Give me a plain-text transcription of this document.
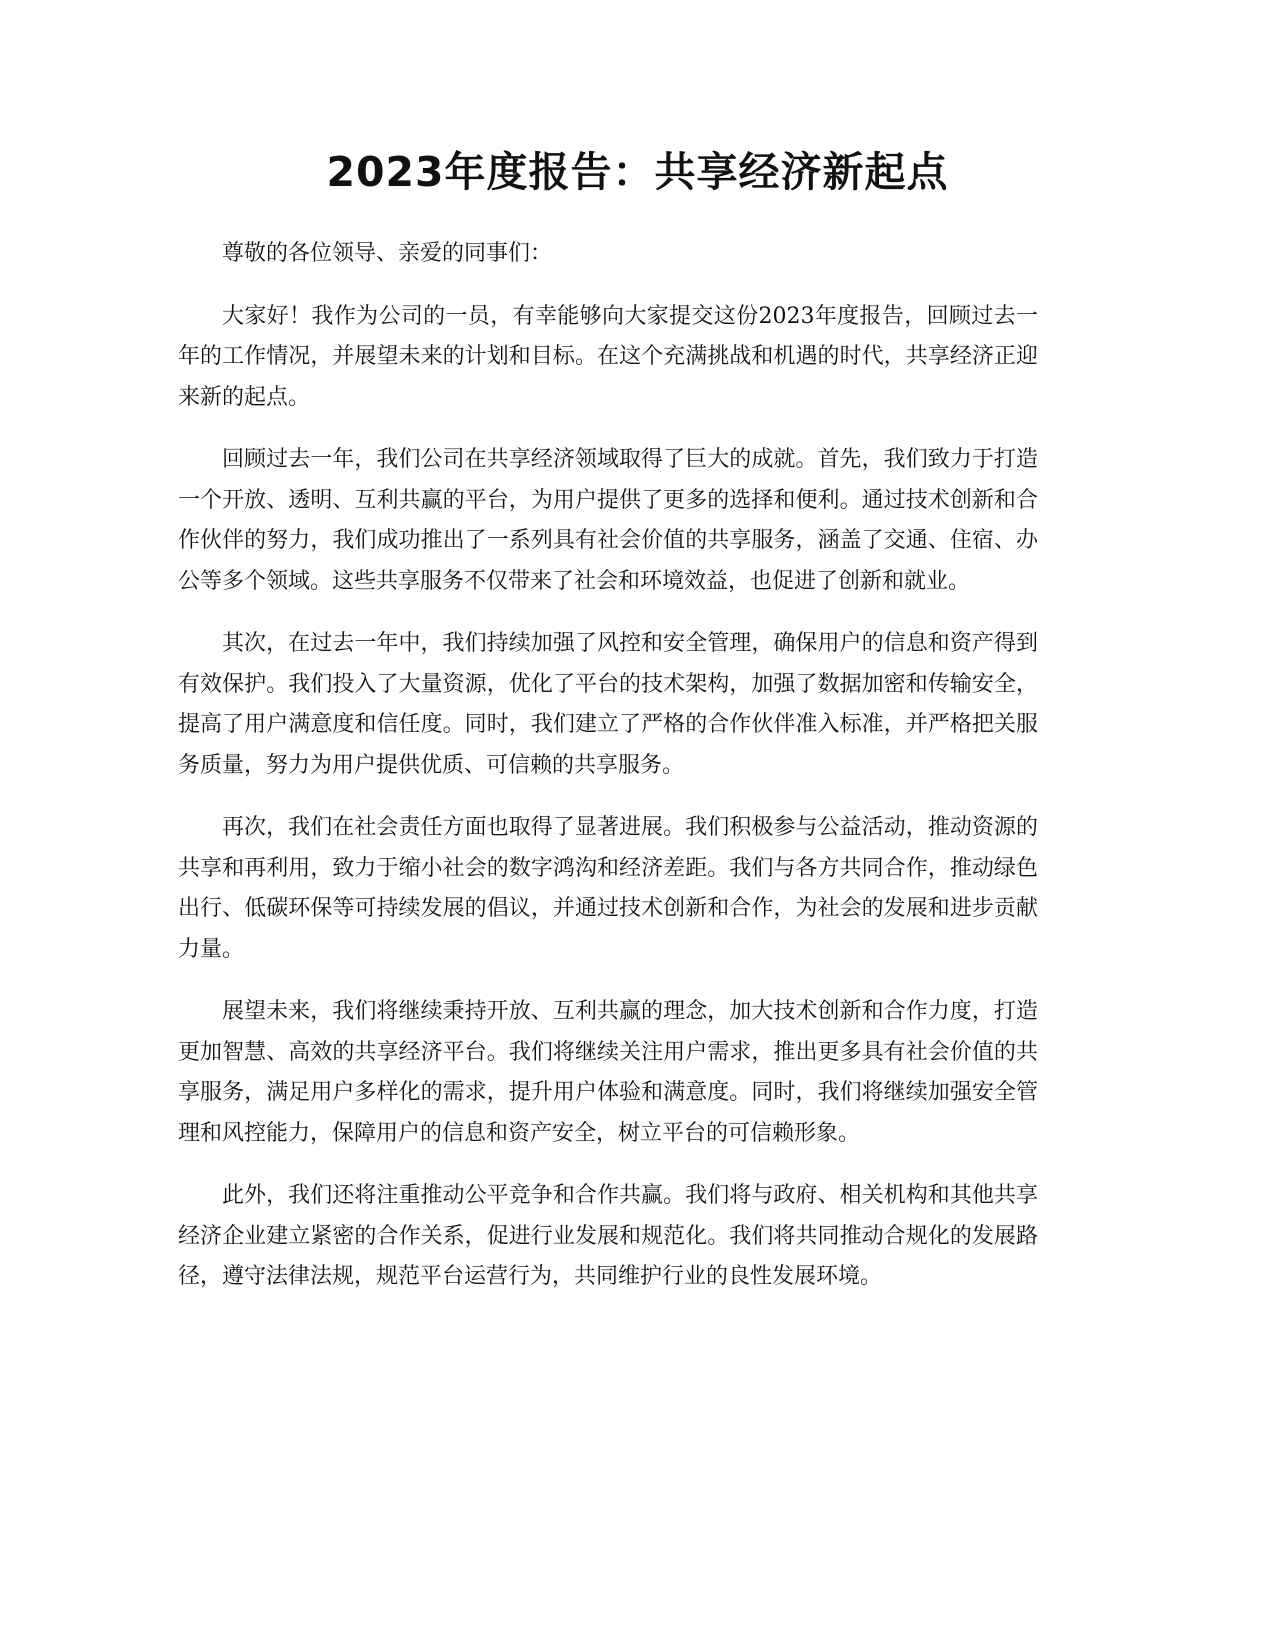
2023年度报告：共享经济新起点

尊敬的各位领导、亲爱的同事们：

大家好！我作为公司的一员，有幸能够向大家提交这份2023年度报告，回顾过去一年的工作情况，并展望未来的计划和目标。在这个充满挑战和机遇的时代，共享经济正迎来新的起点。

回顾过去一年，我们公司在共享经济领域取得了巨大的成就。首先，我们致力于打造一个开放、透明、互利共赢的平台，为用户提供了更多的选择和便利。通过技术创新和合作伙伴的努力，我们成功推出了一系列具有社会价值的共享服务，涵盖了交通、住宿、办公等多个领域。这些共享服务不仅带来了社会和环境效益，也促进了创新和就业。

其次，在过去一年中，我们持续加强了风控和安全管理，确保用户的信息和资产得到有效保护。我们投入了大量资源，优化了平台的技术架构，加强了数据加密和传输安全，提高了用户满意度和信任度。同时，我们建立了严格的合作伙伴准入标准，并严格把关服务质量，努力为用户提供优质、可信赖的共享服务。

再次，我们在社会责任方面也取得了显著进展。我们积极参与公益活动，推动资源的共享和再利用，致力于缩小社会的数字鸿沟和经济差距。我们与各方共同合作，推动绿色出行、低碳环保等可持续发展的倡议，并通过技术创新和合作，为社会的发展和进步贡献力量。

展望未来，我们将继续秉持开放、互利共赢的理念，加大技术创新和合作力度，打造更加智慧、高效的共享经济平台。我们将继续关注用户需求，推出更多具有社会价值的共享服务，满足用户多样化的需求，提升用户体验和满意度。同时，我们将继续加强安全管理和风控能力，保障用户的信息和资产安全，树立平台的可信赖形象。

此外，我们还将注重推动公平竞争和合作共赢。我们将与政府、相关机构和其他共享经济企业建立紧密的合作关系，促进行业发展和规范化。我们将共同推动合规化的发展路径，遵守法律法规，规范平台运营行为，共同维护行业的良性发展环境。
